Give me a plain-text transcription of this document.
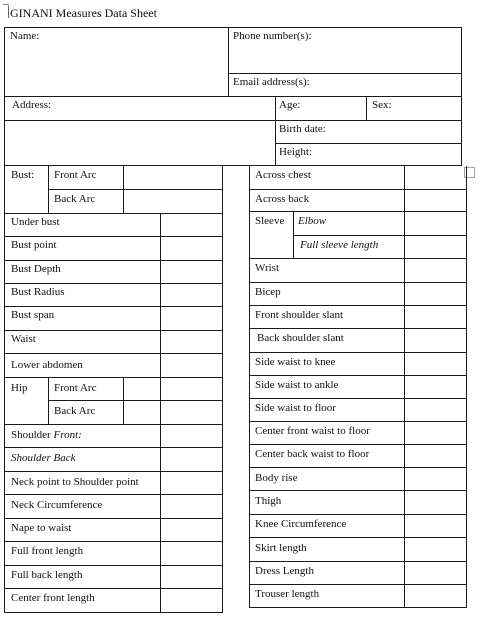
GINANI Measures Data Sheet
Name:	Phone number(s):
Email address(s):
Address:	Age:	Sex:
Birth date:
Height:
Bust: Front Arc
Back Arc
Under bust
Bust point
Bust Depth
Bust Radius
Bust span
Waist
Lower abdomen
Hip Front Arc
Back Arc
Shoulder Front:
Shoulder Back
Neck point to Shoulder point
Neck Circumference
Nape to waist
Full front length
Full back length
Center front length
Across chest
Across back
Sleeve Elbow
Full sleeve length
Wrist
Bicep
Front shoulder slant
Back shoulder slant
Side waist to knee
Side waist to ankle
Side waist to floor
Center front waist to floor
Center back waist to floor
Body rise
Thigh
Knee Circumference
Skirt length
Dress Length
Trouser length
